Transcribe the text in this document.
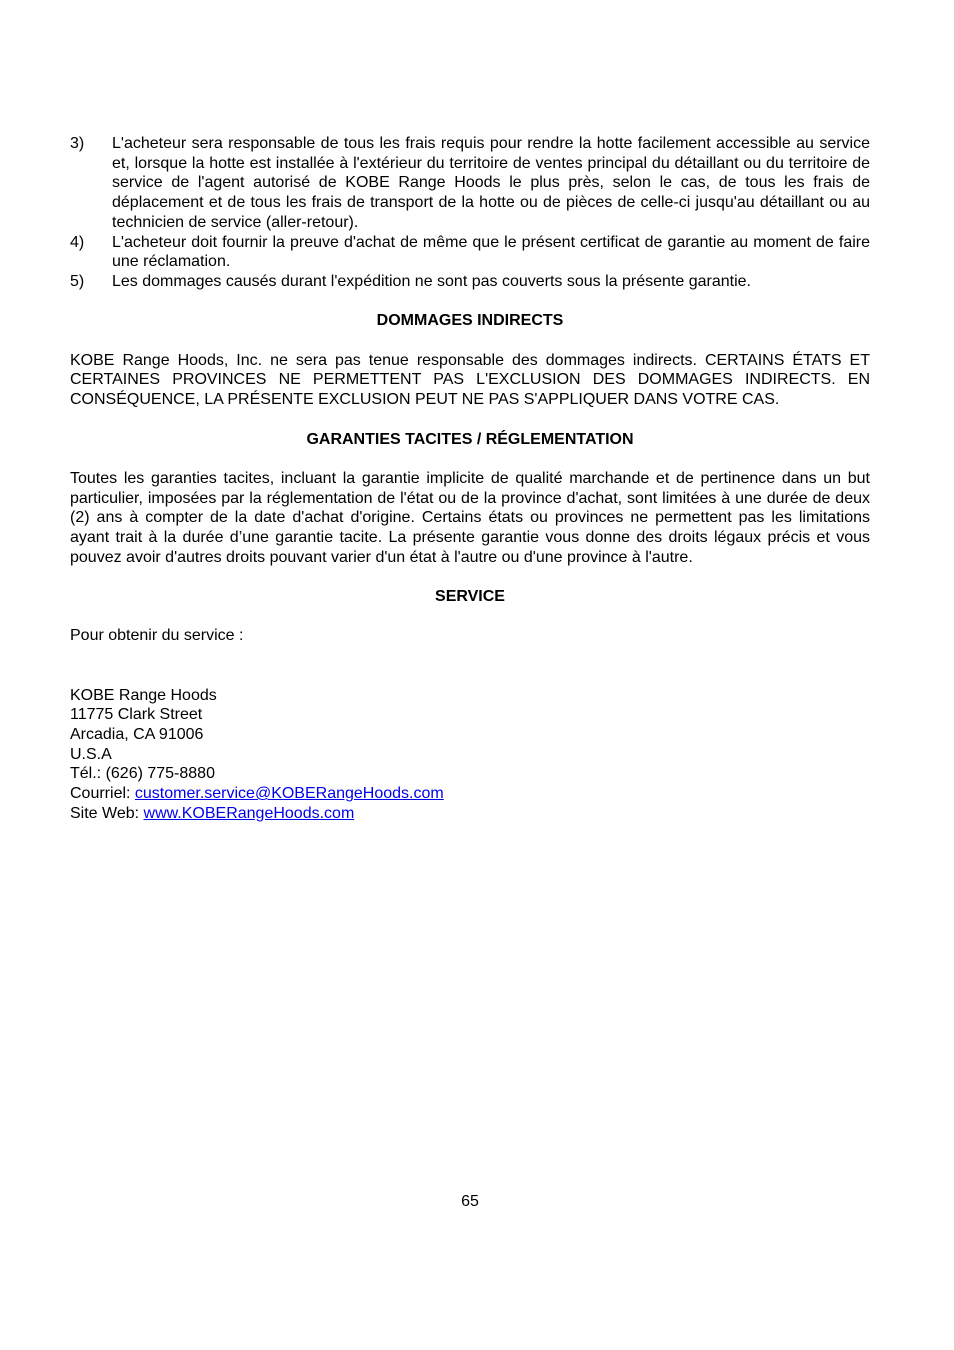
3)	L'acheteur sera responsable de tous les frais requis pour rendre la hotte facilement accessible au service et, lorsque la hotte est installée à l'extérieur du territoire de ventes principal du détaillant ou du territoire de service de l'agent autorisé de KOBE Range Hoods le plus près, selon le cas, de tous les frais de déplacement et de tous les frais de transport de la hotte ou de pièces de celle-ci jusqu'au détaillant ou au technicien de service (aller-retour).
4)	L'acheteur doit fournir la preuve d'achat de même que le présent certificat de garantie au moment de faire une réclamation.
5)	Les dommages causés durant l'expédition ne sont pas couverts sous la présente garantie.

DOMMAGES INDIRECTS

KOBE Range Hoods, Inc. ne sera pas tenue responsable des dommages indirects. CERTAINS ÉTATS ET CERTAINES PROVINCES NE PERMETTENT PAS L'EXCLUSION DES DOMMAGES INDIRECTS. EN CONSÉQUENCE, LA PRÉSENTE EXCLUSION PEUT NE PAS S'APPLIQUER DANS VOTRE CAS.

GARANTIES TACITES / RÉGLEMENTATION

Toutes les garanties tacites, incluant la garantie implicite de qualité marchande et de pertinence dans un but particulier, imposées par la réglementation de l'état ou de la province d'achat, sont limitées à une durée de deux (2) ans à compter de la date d'achat d'origine. Certains états ou provinces ne permettent pas les limitations ayant trait à la durée d’une garantie tacite. La présente garantie vous donne des droits légaux précis et vous pouvez avoir d'autres droits pouvant varier d'un état à l'autre ou d'une province à l'autre.

SERVICE

Pour obtenir du service :

KOBE Range Hoods

11775 Clark Street

Arcadia, CA 91006

U.S.A

Tél.: (626) 775-8880

Courriel: customer.service@KOBERangeHoods.com

Site Web: www.KOBERangeHoods.com

65
